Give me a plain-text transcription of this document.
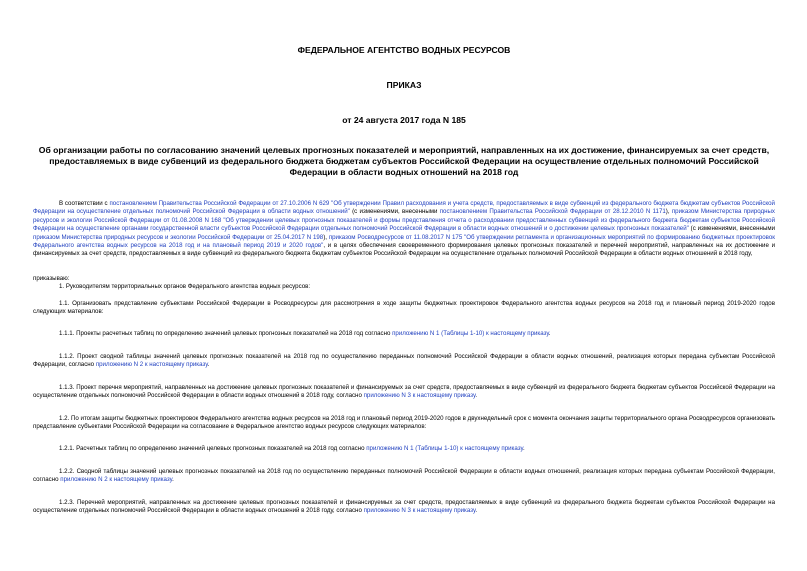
ФЕДЕРАЛЬНОЕ АГЕНТСТВО ВОДНЫХ РЕСУРСОВ
ПРИКАЗ
от 24 августа 2017 года N 185
Об организации работы по согласованию значений целевых прогнозных показателей и мероприятий, направленных на их достижение, финансируемых за счет средств, предоставляемых в виде субвенций из федерального бюджета бюджетам субъектов Российской Федерации на осуществление отдельных полномочий Российской Федерации в области водных отношений на 2018 год

В соответствии с постановлением Правительства Российской Федерации от 27.10.2006 N 629 "Об утверждении Правил расходования и учета средств, предоставляемых в виде субвенций из федерального бюджета бюджетам субъектов Российской Федерации на осуществление отдельных полномочий Российской Федерации в области водных отношений" (с изменениями, внесенными постановлением Правительства Российской Федерации от 28.12.2010 N 1171), приказом Министерства природных ресурсов и экологии Российской Федерации от 01.08.2008 N 168 "Об утверждении целевых прогнозных показателей и формы представления отчета о расходовании предоставленных субвенций из федерального бюджета бюджетам субъектов Российской Федерации на осуществление органами государственной власти субъектов Российской Федерации отдельных полномочий Российской Федерации в области водных отношений и о достижении целевых прогнозных показателей" (с изменениями, внесенными приказом Министерства природных ресурсов и экологии Российской Федерации от 25.04.2017 N 198), приказом Росводресурсов от 11.08.2017 N 175 "Об утверждении регламента и организационных мероприятий по формированию бюджетных проектировок Федерального агентства водных ресурсов на 2018 год и на плановый период 2019 и 2020 годов", и в целях обеспечения своевременного формирования целевых прогнозных показателей и перечней мероприятий, направленных на их достижение и финансируемых за счет средств, предоставляемых в виде субвенций из федерального бюджета бюджетам субъектов Российской Федерации на осуществление отдельных полномочий Российской Федерации в области водных отношений в 2018 году,

приказываю:

1. Руководителям территориальных органов Федерального агентства водных ресурсов:

1.1. Организовать представление субъектами Российской Федерации в Росводресурсы для рассмотрения в ходе защиты бюджетных проектировок Федерального агентства водных ресурсов на 2018 год и плановый период 2019-2020 годов следующих материалов:

1.1.1. Проекты расчетных таблиц по определению значений целевых прогнозных показателей на 2018 год согласно приложению N 1 (Таблицы 1-10) к настоящему приказу.

1.1.2. Проект сводной таблицы значений целевых прогнозных показателей на 2018 год по осуществлению переданных полномочий Российской Федерации в области водных отношений, реализация которых передана субъектам Российской Федерации, согласно приложению N 2 к настоящему приказу.

1.1.3. Проект перечня мероприятий, направленных на достижение целевых прогнозных показателей и финансируемых за счет средств, предоставляемых в виде субвенций из федерального бюджета бюджетам субъектов Российской Федерации на осуществление отдельных полномочий Российской Федерации в области водных отношений в 2018 году, согласно приложению N 3 к настоящему приказу.

1.2. По итогам защиты бюджетных проектировок Федерального агентства водных ресурсов на 2018 год и плановый период 2019-2020 годов в двухнедельный срок с момента окончания защиты территориального органа Росводресурсов организовать представление субъектами Российской Федерации на согласование в Федеральное агентство водных ресурсов следующих материалов:

1.2.1. Расчетных таблиц по определению значений целевых прогнозных показателей на 2018 год согласно приложению N 1 (Таблицы 1-10) к настоящему приказу.

1.2.2. Сводной таблицы значений целевых прогнозных показателей на 2018 год по осуществлению переданных полномочий Российской Федерации в области водных отношений, реализация которых передана субъектам Российской Федерации, согласно приложению N 2 к настоящему приказу.

1.2.3. Перечней мероприятий, направленных на достижение целевых прогнозных показателей и финансируемых за счет средств, предоставляемых в виде субвенций из федерального бюджета бюджетам субъектов Российской Федерации на осуществление отдельных полномочий Российской Федерации в области водных отношений в 2018 году, согласно приложению N 3 к настоящему приказу.
